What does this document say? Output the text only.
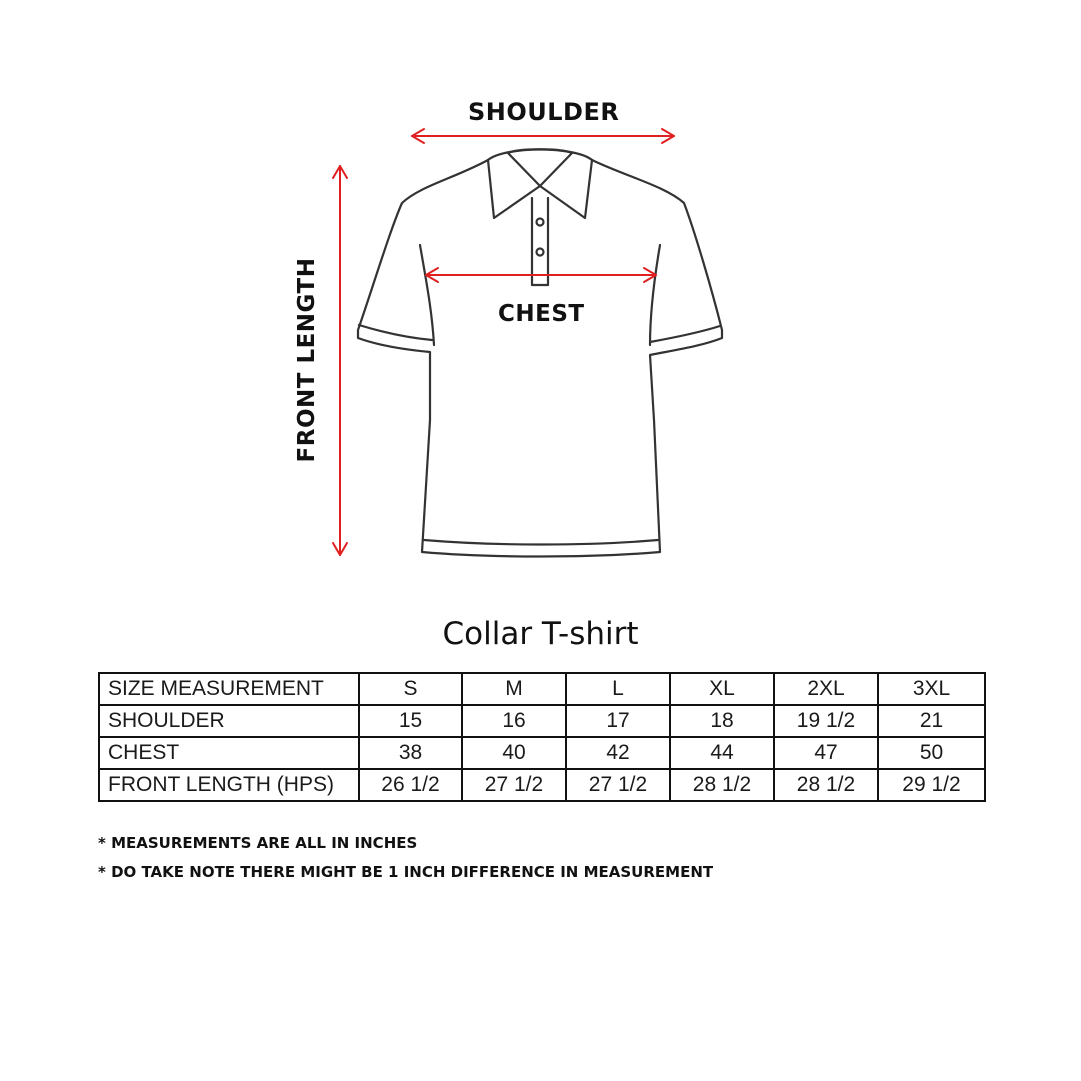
SHOULDER
CHEST
FRONT LENGTH
Collar T-shirt
SIZE MEASUREMENT	S	M	L	XL	2XL	3XL
SHOULDER	15	16	17	18	19 1/2	21
CHEST	38	40	42	44	47	50
FRONT LENGTH (HPS)	26 1/2	27 1/2	27 1/2	28 1/2	28 1/2	29 1/2
* MEASUREMENTS ARE ALL IN INCHES
* DO TAKE NOTE THERE MIGHT BE 1 INCH DIFFERENCE IN MEASUREMENT
